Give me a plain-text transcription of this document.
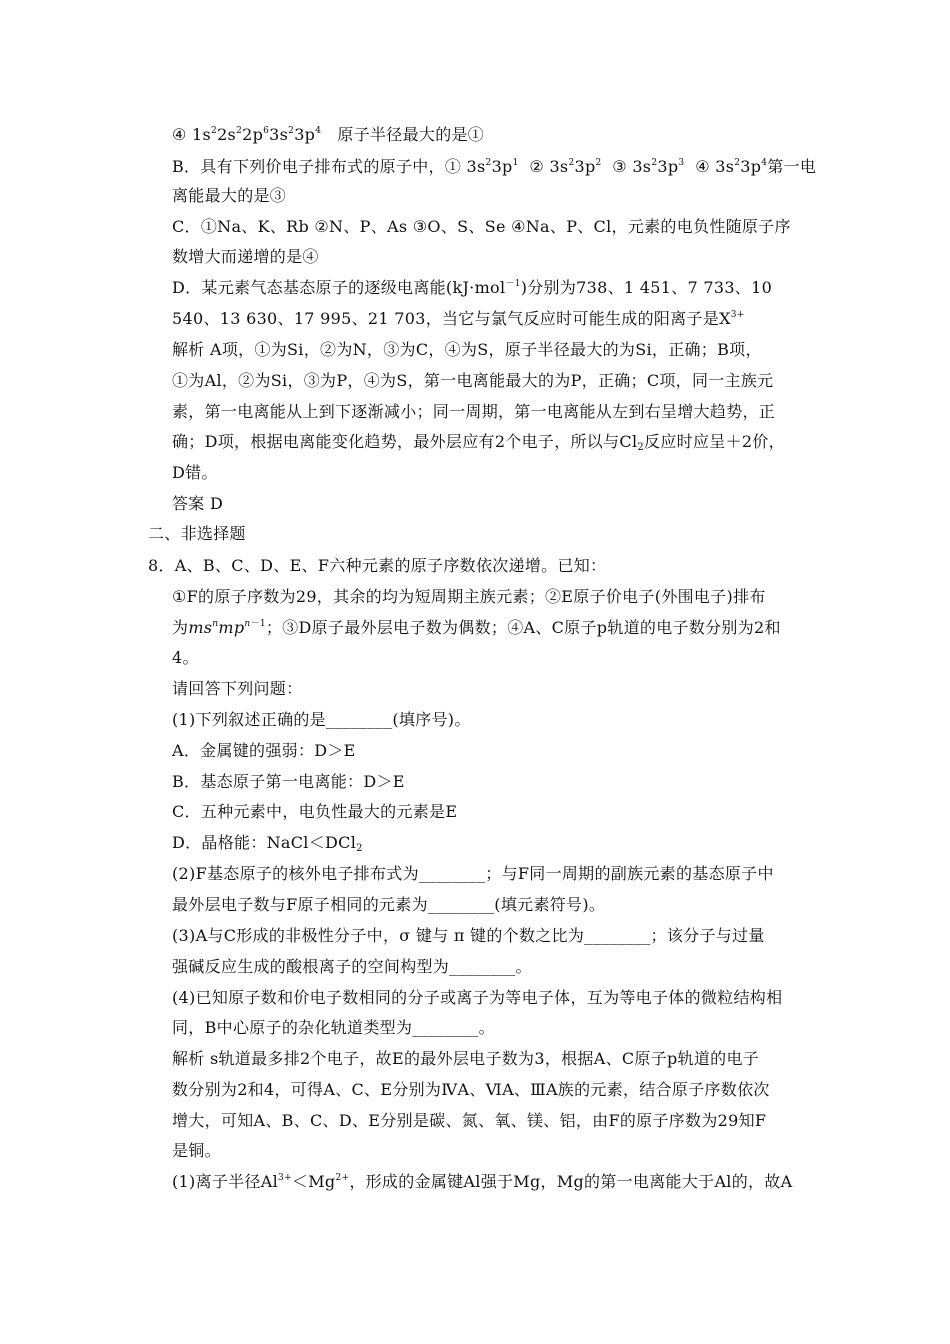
④ $1s^22s^22p^63s^23p^4$   原子半径最大的是①
B．具有下列价电子排布式的原子中，① $3s^23p^1$  ② $3s^23p^2$  ③ $3s^23p^3$  ④ $3s^23p^4$第一电
离能最大的是③
C．①Na、K、Rb ②N、P、As ③O、S、Se ④Na、P、Cl，元素的电负性随原子序
数增大而递增的是④
D．某元素气态基态原子的逐级电离能(kJ·mol$^{-1}$)分别为738、1 451、7 733、10
540、13 630、17 995、21 703，当它与氯气反应时可能生成的阳离子是$X^{3+}$
解析 A项，①为Si，②为N，③为C，④为S，原子半径最大的为Si，正确；B项，
①为Al，②为Si，③为P，④为S，第一电离能最大的为P，正确；C项，同一主族元
素，第一电离能从上到下逐渐减小；同一周期，第一电离能从左到右呈增大趋势，正
确；D项，根据电离能变化趋势，最外层应有2个电子，所以与$Cl_2$反应时应呈＋2价，
D错。
答案 D
二、非选择题
8．A、B、C、D、E、F六种元素的原子序数依次递增。已知：
①F的原子序数为29，其余的均为短周期主族元素；②E原子价电子(外围电子)排布
为$ms^nmp^{n-1}$；③D原子最外层电子数为偶数；④A、C原子p轨道的电子数分别为2和
4。
请回答下列问题：
(1)下列叙述正确的是________(填序号)。
A．金属键的强弱：D＞E
B．基态原子第一电离能：D＞E
C．五种元素中，电负性最大的元素是E
D．晶格能：NaCl＜DCl$_2$
(2)F基态原子的核外电子排布式为________；与F同一周期的副族元素的基态原子中
最外层电子数与F原子相同的元素为________(填元素符号)。
(3)A与C形成的非极性分子中，σ 键与 π 键的个数之比为________；该分子与过量
强碱反应生成的酸根离子的空间构型为________。
(4)已知原子数和价电子数相同的分子或离子为等电子体，互为等电子体的微粒结构相
同，B中心原子的杂化轨道类型为________。
解析 s轨道最多排2个电子，故E的最外层电子数为3，根据A、C原子p轨道的电子
数分别为2和4，可得A、C、E分别为ⅣA、ⅥA、ⅢA族的元素，结合原子序数依次
增大，可知A、B、C、D、E分别是碳、氮、氧、镁、铝，由F的原子序数为29知F
是铜。
(1)离子半径$Al^{3+}<Mg^{2+}$，形成的金属键Al强于Mg，Mg的第一电离能大于Al的，故A
